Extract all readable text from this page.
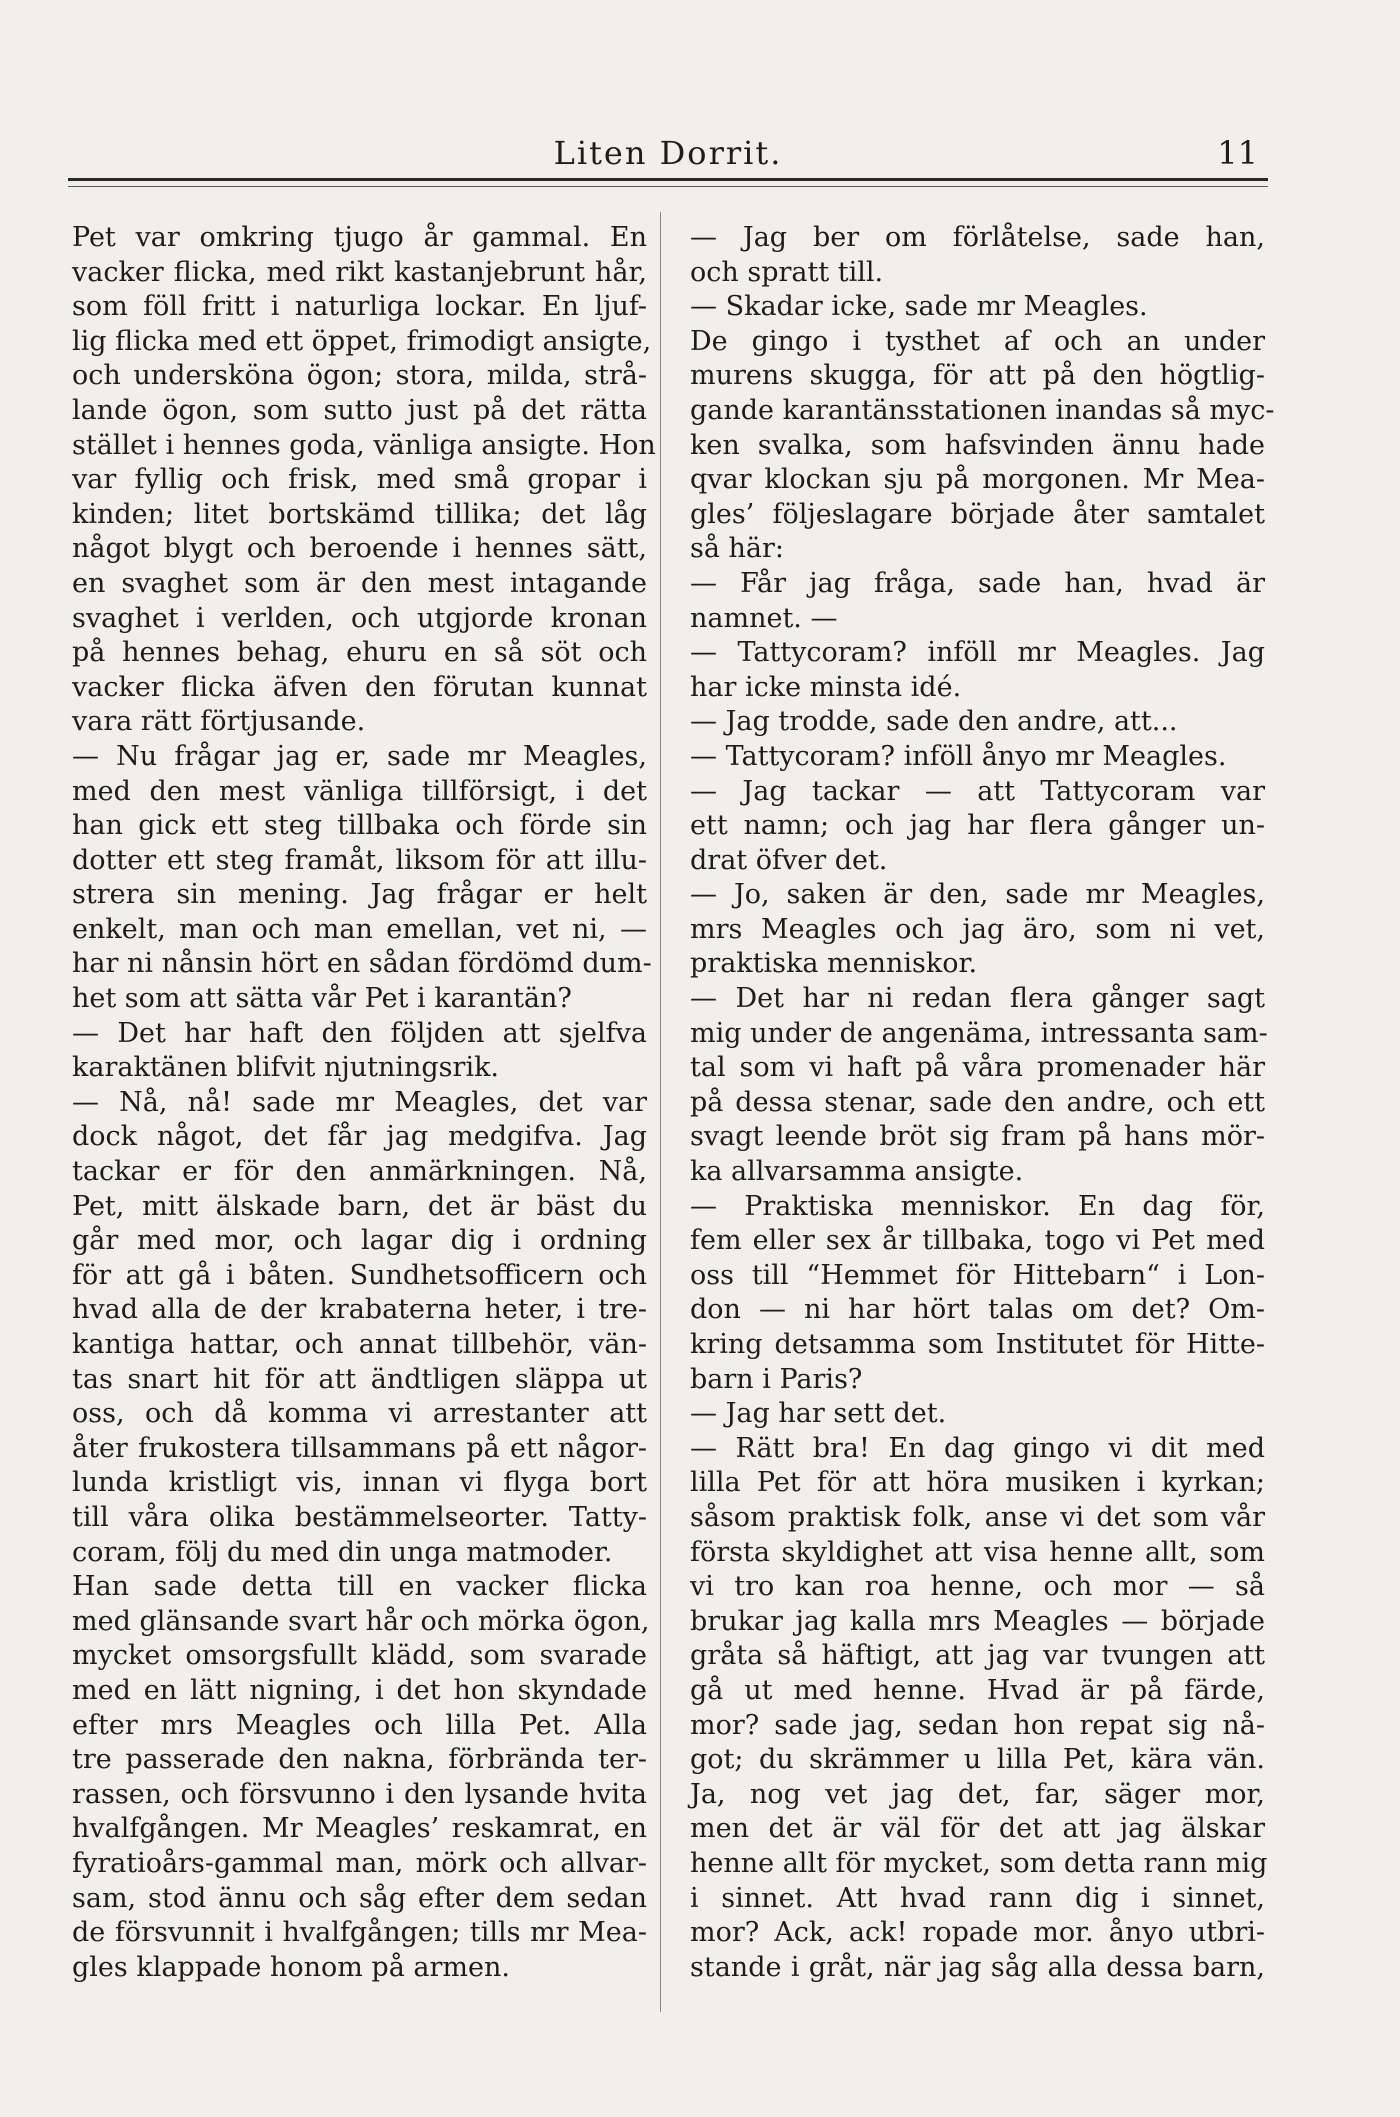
Liten Dorrit.	11
Pet var omkring tjugo år gammal. En
vacker flicka, med rikt kastanjebrunt hår,
som föll fritt i naturliga lockar. En ljuf-
lig flicka med ett öppet, frimodigt ansigte,
och undersköna ögon; stora, milda, strå-
lande ögon, som sutto just på det rätta
stället i hennes goda, vänliga ansigte. Hon
var fyllig och frisk, med små gropar i
kinden; litet bortskämd tillika; det låg
något blygt och beroende i hennes sätt,
en svaghet som är den mest intagande
svaghet i verlden, och utgjorde kronan
på hennes behag, ehuru en så söt och
vacker flicka äfven den förutan kunnat
vara rätt förtjusande.
— Nu frågar jag er, sade mr Meagles,
med den mest vänliga tillförsigt, i det
han gick ett steg tillbaka och förde sin
dotter ett steg framåt, liksom för att illu-
strera sin mening. Jag frågar er helt
enkelt, man och man emellan, vet ni, —
har ni nånsin hört en sådan fördömd dum-
het som att sätta vår Pet i karantän?
— Det har haft den följden att sjelfva
karaktänen blifvit njutningsrik.
— Nå, nå! sade mr Meagles, det var
dock något, det får jag medgifva. Jag
tackar er för den anmärkningen. Nå,
Pet, mitt älskade barn, det är bäst du
går med mor, och lagar dig i ordning
för att gå i båten. Sundhetsofficern och
hvad alla de der krabaterna heter, i tre-
kantiga hattar, och annat tillbehör, vän-
tas snart hit för att ändtligen släppa ut
oss, och då komma vi arrestanter att
åter frukostera tillsammans på ett någor-
lunda kristligt vis, innan vi flyga bort
till våra olika bestämmelseorter. Tatty-
coram, följ du med din unga matmoder.
Han sade detta till en vacker flicka
med glänsande svart hår och mörka ögon,
mycket omsorgsfullt klädd, som svarade
med en lätt nigning, i det hon skyndade
efter mrs Meagles och lilla Pet. Alla
tre passerade den nakna, förbrända ter-
rassen, och försvunno i den lysande hvita
hvalfgången. Mr Meagles’ reskamrat, en
fyratioårs-gammal man, mörk och allvar-
sam, stod ännu och såg efter dem sedan
de försvunnit i hvalfgången; tills mr Mea-
gles klappade honom på armen.
— Jag ber om förlåtelse, sade han,
och spratt till.
— Skadar icke, sade mr Meagles.
De gingo i tysthet af och an under
murens skugga, för att på den högtlig-
gande karantänsstationen inandas så myc-
ken svalka, som hafsvinden ännu hade
qvar klockan sju på morgonen. Mr Mea-
gles’ följeslagare började åter samtalet
så här:
— Får jag fråga, sade han, hvad är
namnet. —
— Tattycoram? inföll mr Meagles. Jag
har icke minsta idé.
— Jag trodde, sade den andre, att...
— Tattycoram? inföll ånyo mr Meagles.
— Jag tackar — att Tattycoram var
ett namn; och jag har flera gånger un-
drat öfver det.
— Jo, saken är den, sade mr Meagles,
mrs Meagles och jag äro, som ni vet,
praktiska menniskor.
— Det har ni redan flera gånger sagt
mig under de angenäma, intressanta sam-
tal som vi haft på våra promenader här
på dessa stenar, sade den andre, och ett
svagt leende bröt sig fram på hans mör-
ka allvarsamma ansigte.
— Praktiska menniskor. En dag för,
fem eller sex år tillbaka, togo vi Pet med
oss till “Hemmet för Hittebarn“ i Lon-
don — ni har hört talas om det? Om-
kring detsamma som Institutet för Hitte-
barn i Paris?
— Jag har sett det.
— Rätt bra! En dag gingo vi dit med
lilla Pet för att höra musiken i kyrkan;
såsom praktisk folk, anse vi det som vår
första skyldighet att visa henne allt, som
vi tro kan roa henne, och mor — så
brukar jag kalla mrs Meagles — började
gråta så häftigt, att jag var tvungen att
gå ut med henne. Hvad är på färde,
mor? sade jag, sedan hon repat sig nå-
got; du skrämmer u lilla Pet, kära vän.
Ja, nog vet jag det, far, säger mor,
men det är väl för det att jag älskar
henne allt för mycket, som detta rann mig
i sinnet. Att hvad rann dig i sinnet,
mor? Ack, ack! ropade mor. ånyo utbri-
stande i gråt, när jag såg alla dessa barn,
